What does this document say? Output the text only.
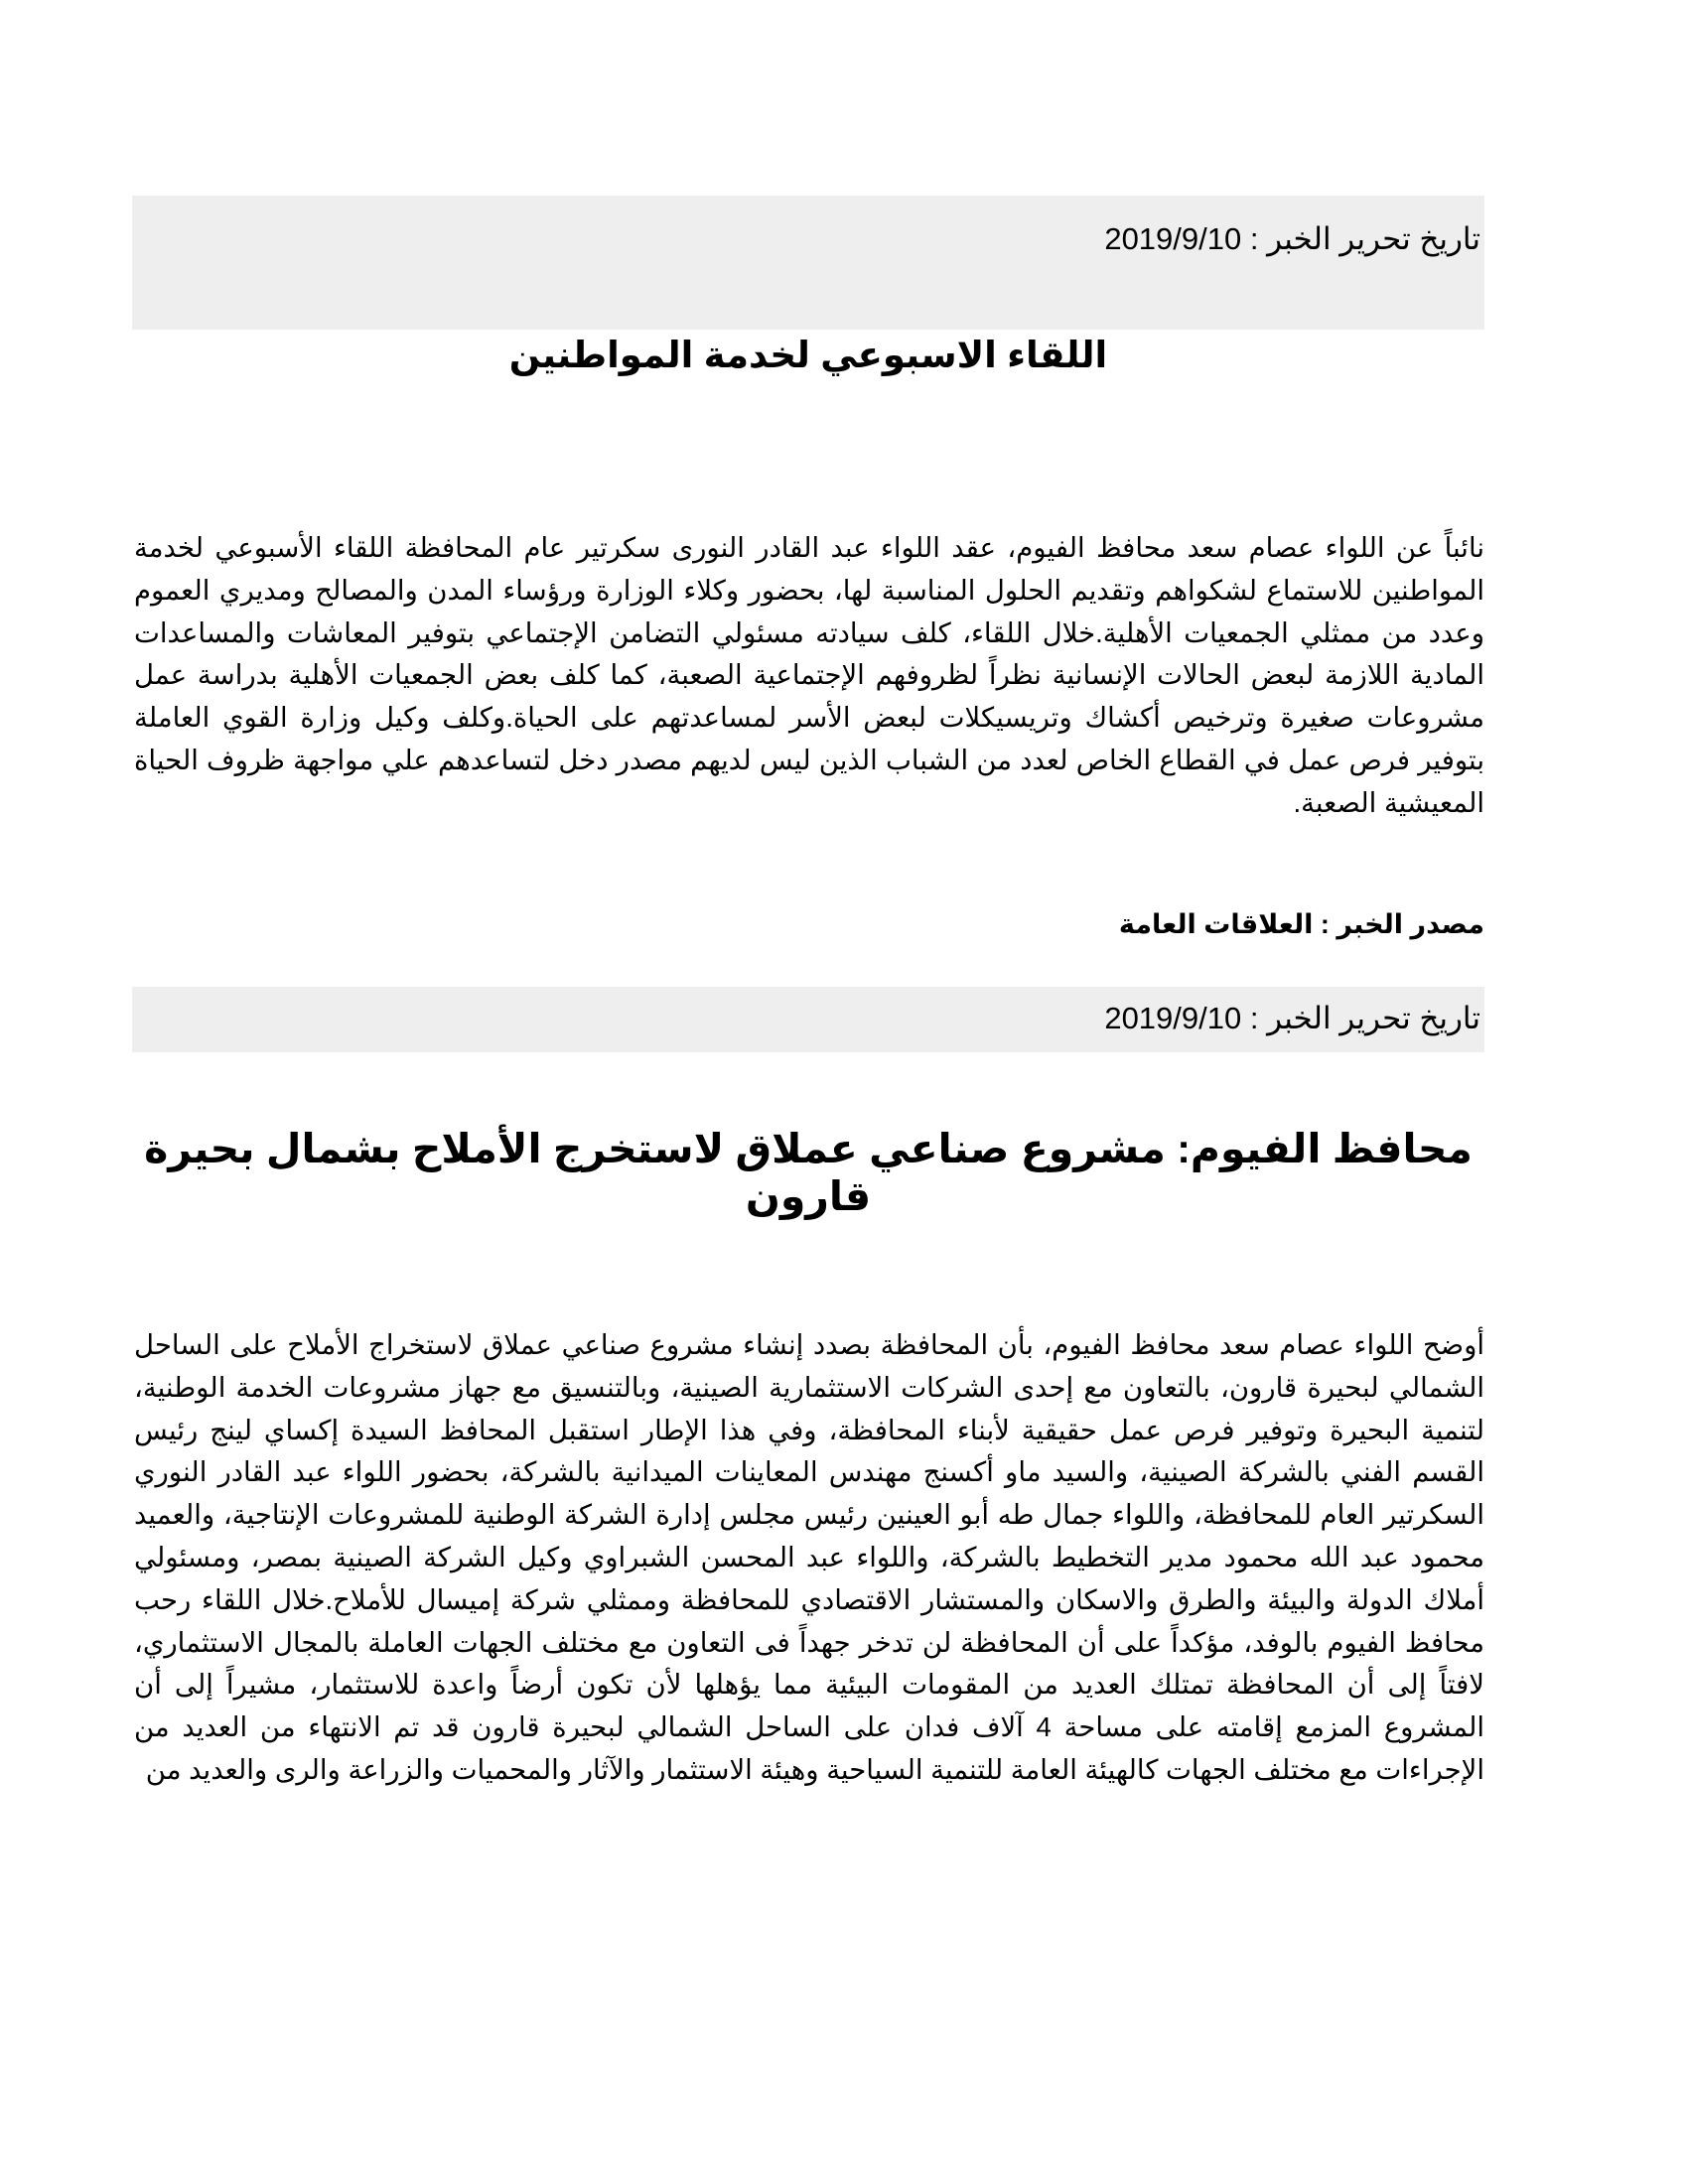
تاريخ تحرير الخبر : 2019/9/10
اللقاء الاسبوعي لخدمة المواطنين

نائباً عن اللواء عصام سعد محافظ الفيوم، عقد اللواء عبد القادر النورى سكرتير عام المحافظة اللقاء الأسبوعي لخدمة المواطنين للاستماع لشكواهم وتقديم الحلول المناسبة لها، بحضور وكلاء الوزارة ورؤساء المدن والمصالح ومديري العموم وعدد من ممثلي الجمعيات الأهلية.خلال اللقاء، كلف سيادته مسئولي التضامن الإجتماعي بتوفير المعاشات والمساعدات المادية اللازمة لبعض الحالات الإنسانية نظراً لظروفهم الإجتماعية الصعبة، كما كلف بعض الجمعيات الأهلية بدراسة عمل مشروعات صغيرة وترخيص أكشاك وتريسيكلات لبعض الأسر لمساعدتهم على الحياة.وكلف وكيل وزارة القوي العاملة بتوفير فرص عمل في القطاع الخاص لعدد من الشباب الذين ليس لديهم مصدر دخل لتساعدهم علي مواجهة ظروف الحياة المعيشية الصعبة.

مصدر الخبر : العلاقات العامة
تاريخ تحرير الخبر : 2019/9/10
محافظ الفيوم: مشروع صناعي عملاق لاستخرج الأملاح بشمال بحيرة قارون

أوضح اللواء عصام سعد محافظ الفيوم، بأن المحافظة بصدد إنشاء مشروع صناعي عملاق لاستخراج الأملاح على الساحل الشمالي لبحيرة قارون، بالتعاون مع إحدى الشركات الاستثمارية الصينية، وبالتنسيق مع جهاز مشروعات الخدمة الوطنية، لتنمية البحيرة وتوفير فرص عمل حقيقية لأبناء المحافظة، وفي هذا الإطار استقبل المحافظ السيدة إكساي لينج رئيس القسم الفني بالشركة الصينية، والسيد ماو أكسنج مهندس المعاينات الميدانية بالشركة، بحضور اللواء عبد القادر النوري السكرتير العام للمحافظة، واللواء جمال طه أبو العينين رئيس مجلس إدارة الشركة الوطنية للمشروعات الإنتاجية، والعميد محمود عبد الله محمود مدير التخطيط بالشركة، واللواء عبد المحسن الشبراوي وكيل الشركة الصينية بمصر، ومسئولي أملاك الدولة والبيئة والطرق والاسكان والمستشار الاقتصادي للمحافظة وممثلي شركة إميسال للأملاح.خلال اللقاء رحب محافظ الفيوم بالوفد، مؤكداً على أن المحافظة لن تدخر جهداً فى التعاون مع مختلف الجهات العاملة بالمجال الاستثماري، لافتاً إلى أن المحافظة تمتلك العديد من المقومات البيئية مما يؤهلها لأن تكون أرضاً واعدة للاستثمار، مشيراً إلى أن المشروع المزمع إقامته على مساحة 4 آلاف فدان على الساحل الشمالي لبحيرة قارون قد تم الانتهاء من العديد من الإجراءات مع مختلف الجهات كالهيئة العامة للتنمية السياحية وهيئة الاستثمار والآثار والمحميات والزراعة والرى والعديد من
